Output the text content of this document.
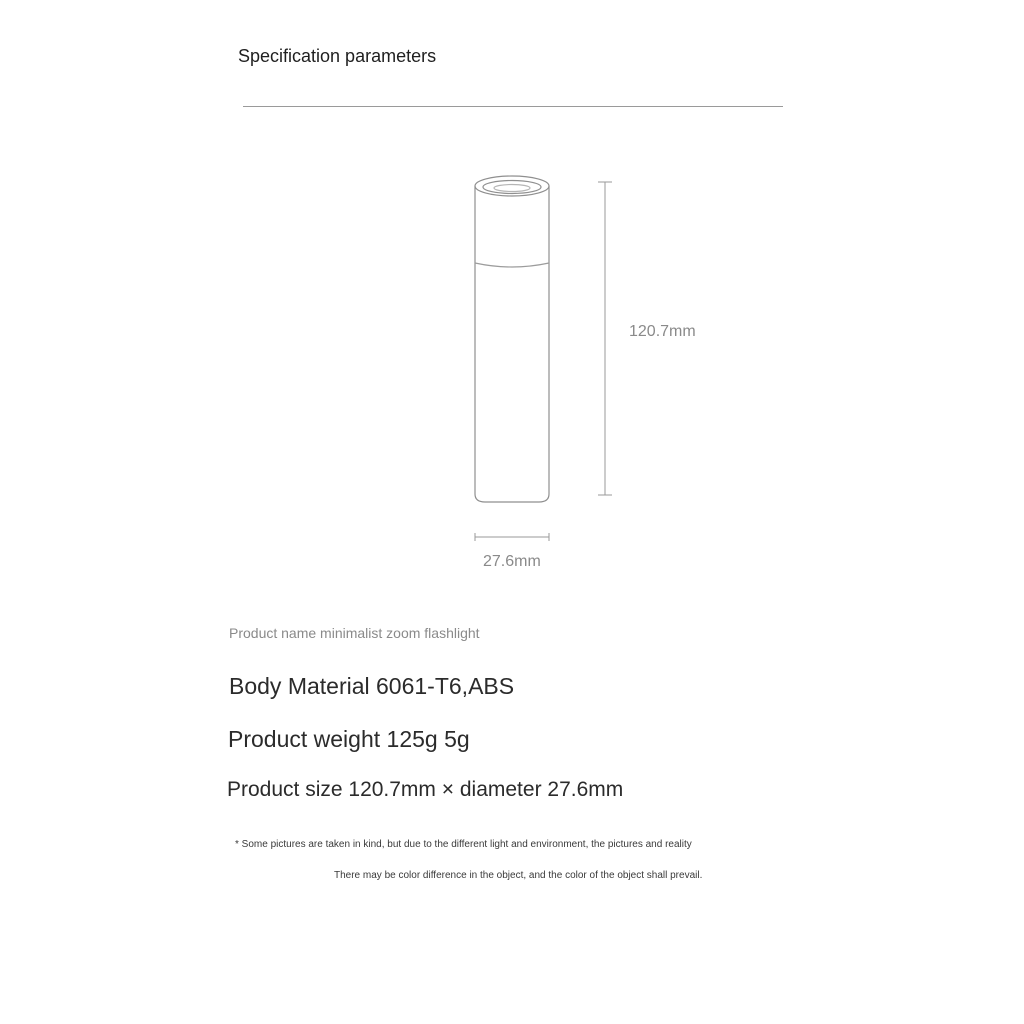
Specification parameters
120.7mm
27.6mm
Product name minimalist zoom flashlight
Body Material 6061-T6,ABS
Product weight 125g 5g
Product size 120.7mm × diameter 27.6mm
* Some pictures are taken in kind, but due to the different light and environment, the pictures and reality
There may be color difference in the object, and the color of the object shall prevail.
